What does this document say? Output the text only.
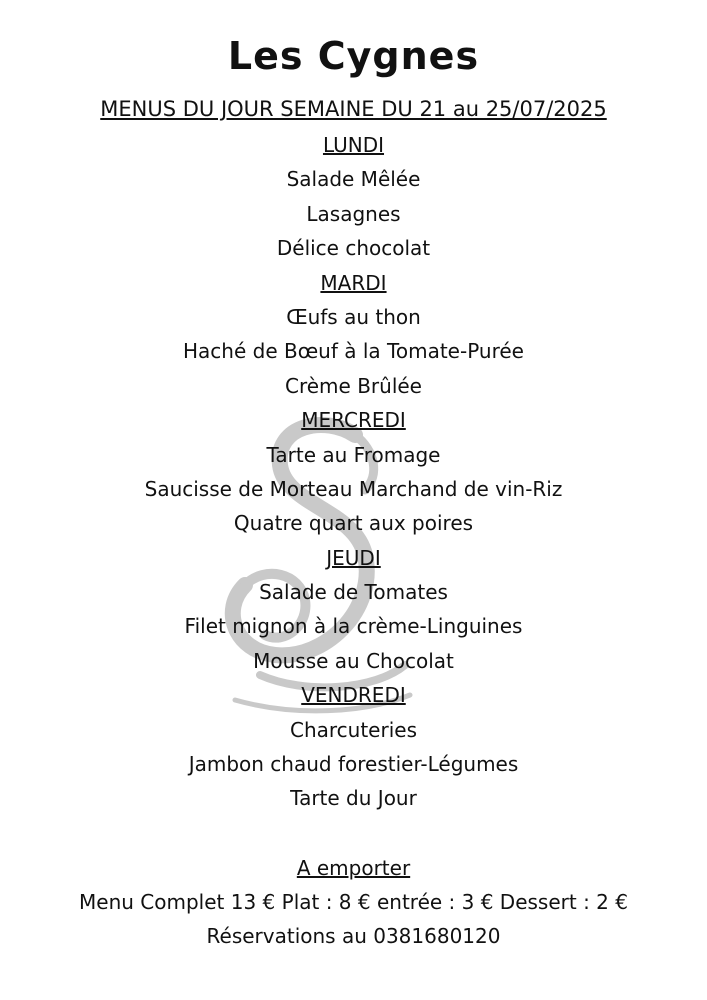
Les Cygnes
MENUS DU JOUR SEMAINE DU 21 au 25/07/2025
LUNDI
Salade Mêlée
Lasagnes
Délice chocolat
MARDI
Œufs au thon
Haché de Bœuf à la Tomate-Purée
Crème Brûlée
MERCREDI
Tarte au Fromage
Saucisse de Morteau Marchand de vin-Riz
Quatre quart aux poires
JEUDI
Salade de Tomates
Filet mignon à la crème-Linguines
Mousse au Chocolat
VENDREDI
Charcuteries
Jambon chaud forestier-Légumes
Tarte du Jour
A emporter
Menu Complet 13 € Plat : 8 € entrée : 3 € Dessert : 2 €
Réservations au 0381680120
